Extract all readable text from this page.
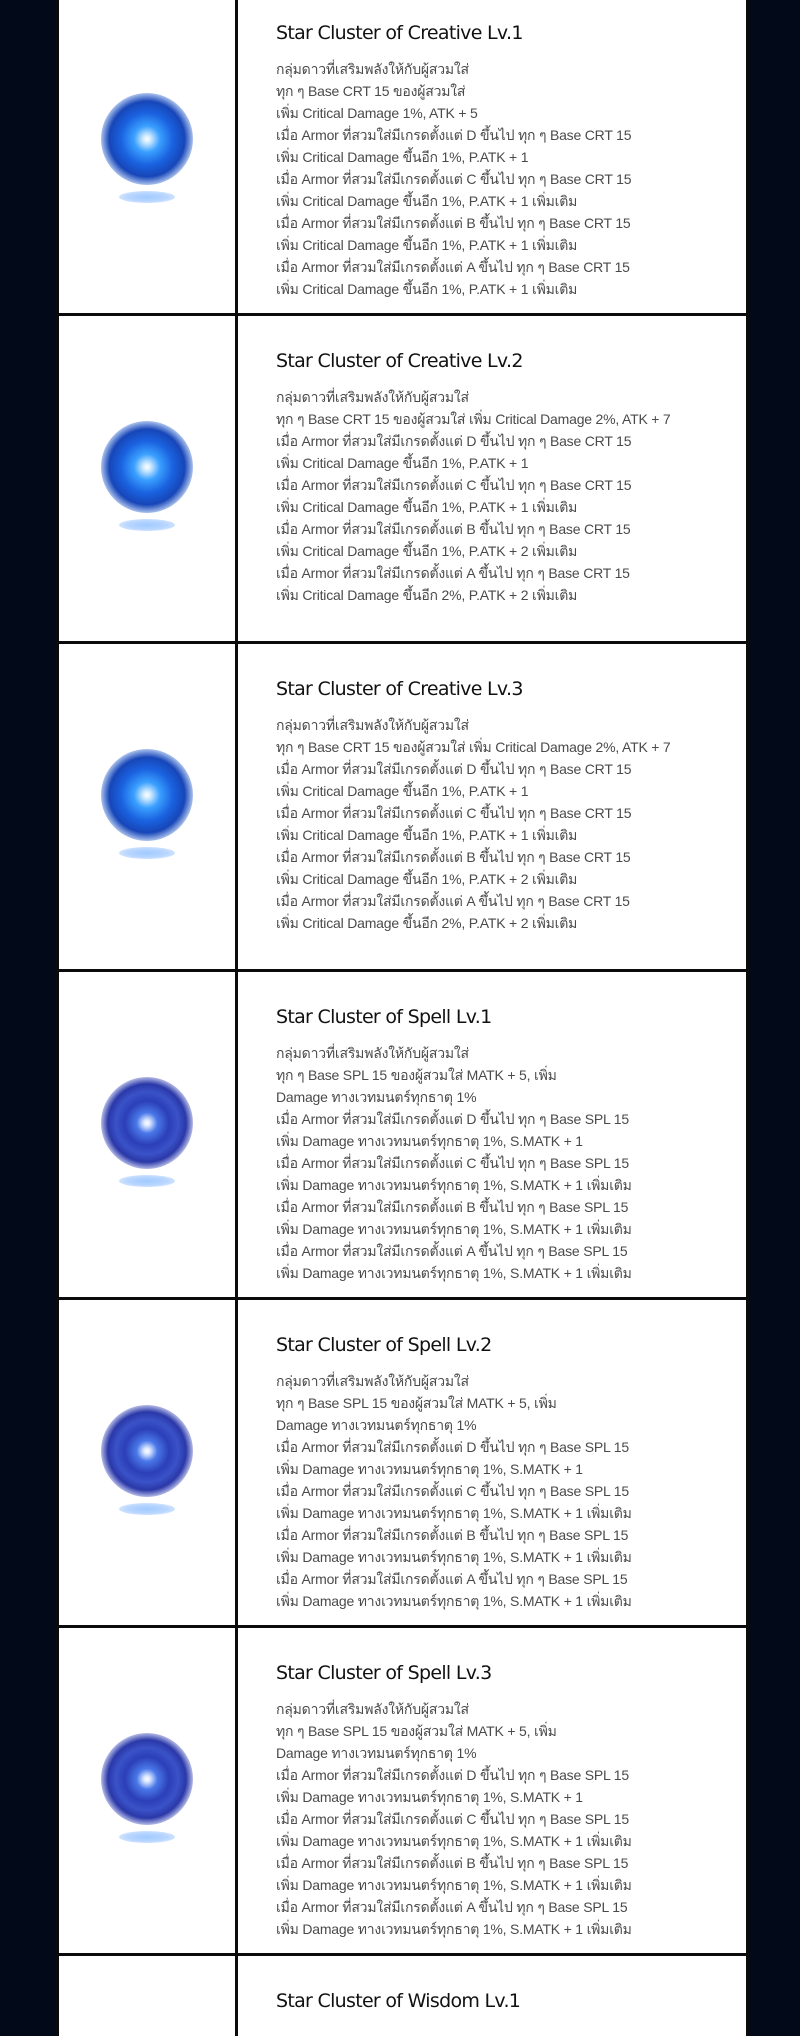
Star Cluster of Creative Lv.1
กลุ่มดาวที่เสริมพลังให้กับผู้สวมใส่
ทุก ๆ Base CRT 15 ของผู้สวมใส่
เพิ่ม Critical Damage 1%, ATK + 5
เมื่อ Armor ที่สวมใส่มีเกรดตั้งแต่ D ขึ้นไป ทุก ๆ Base CRT 15
เพิ่ม Critical Damage ขึ้นอีก 1%, P.ATK + 1
เมื่อ Armor ที่สวมใส่มีเกรดตั้งแต่ C ขึ้นไป ทุก ๆ Base CRT 15
เพิ่ม Critical Damage ขึ้นอีก 1%, P.ATK + 1 เพิ่มเติม
เมื่อ Armor ที่สวมใส่มีเกรดตั้งแต่ B ขึ้นไป ทุก ๆ Base CRT 15
เพิ่ม Critical Damage ขึ้นอีก 1%, P.ATK + 1 เพิ่มเติม
เมื่อ Armor ที่สวมใส่มีเกรดตั้งแต่ A ขึ้นไป ทุก ๆ Base CRT 15
เพิ่ม Critical Damage ขึ้นอีก 1%, P.ATK + 1 เพิ่มเติม
Star Cluster of Creative Lv.2
กลุ่มดาวที่เสริมพลังให้กับผู้สวมใส่
ทุก ๆ Base CRT 15 ของผู้สวมใส่ เพิ่ม Critical Damage 2%, ATK + 7
เมื่อ Armor ที่สวมใส่มีเกรดตั้งแต่ D ขึ้นไป ทุก ๆ Base CRT 15
เพิ่ม Critical Damage ขึ้นอีก 1%, P.ATK + 1
เมื่อ Armor ที่สวมใส่มีเกรดตั้งแต่ C ขึ้นไป ทุก ๆ Base CRT 15
เพิ่ม Critical Damage ขึ้นอีก 1%, P.ATK + 1 เพิ่มเติม
เมื่อ Armor ที่สวมใส่มีเกรดตั้งแต่ B ขึ้นไป ทุก ๆ Base CRT 15
เพิ่ม Critical Damage ขึ้นอีก 1%, P.ATK + 2 เพิ่มเติม
เมื่อ Armor ที่สวมใส่มีเกรดตั้งแต่ A ขึ้นไป ทุก ๆ Base CRT 15
เพิ่ม Critical Damage ขึ้นอีก 2%, P.ATK + 2 เพิ่มเติม
Star Cluster of Creative Lv.3
กลุ่มดาวที่เสริมพลังให้กับผู้สวมใส่
ทุก ๆ Base CRT 15 ของผู้สวมใส่ เพิ่ม Critical Damage 2%, ATK + 7
เมื่อ Armor ที่สวมใส่มีเกรดตั้งแต่ D ขึ้นไป ทุก ๆ Base CRT 15
เพิ่ม Critical Damage ขึ้นอีก 1%, P.ATK + 1
เมื่อ Armor ที่สวมใส่มีเกรดตั้งแต่ C ขึ้นไป ทุก ๆ Base CRT 15
เพิ่ม Critical Damage ขึ้นอีก 1%, P.ATK + 1 เพิ่มเติม
เมื่อ Armor ที่สวมใส่มีเกรดตั้งแต่ B ขึ้นไป ทุก ๆ Base CRT 15
เพิ่ม Critical Damage ขึ้นอีก 1%, P.ATK + 2 เพิ่มเติม
เมื่อ Armor ที่สวมใส่มีเกรดตั้งแต่ A ขึ้นไป ทุก ๆ Base CRT 15
เพิ่ม Critical Damage ขึ้นอีก 2%, P.ATK + 2 เพิ่มเติม
Star Cluster of Spell Lv.1
กลุ่มดาวที่เสริมพลังให้กับผู้สวมใส่
ทุก ๆ Base SPL 15 ของผู้สวมใส่ MATK + 5, เพิ่ม
Damage ทางเวทมนตร์ทุกธาตุ 1%
เมื่อ Armor ที่สวมใส่มีเกรดตั้งแต่ D ขึ้นไป ทุก ๆ Base SPL 15
เพิ่ม Damage ทางเวทมนตร์ทุกธาตุ 1%, S.MATK + 1
เมื่อ Armor ที่สวมใส่มีเกรดตั้งแต่ C ขึ้นไป ทุก ๆ Base SPL 15
เพิ่ม Damage ทางเวทมนตร์ทุกธาตุ 1%, S.MATK + 1 เพิ่มเติม
เมื่อ Armor ที่สวมใส่มีเกรดตั้งแต่ B ขึ้นไป ทุก ๆ Base SPL 15
เพิ่ม Damage ทางเวทมนตร์ทุกธาตุ 1%, S.MATK + 1 เพิ่มเติม
เมื่อ Armor ที่สวมใส่มีเกรดตั้งแต่ A ขึ้นไป ทุก ๆ Base SPL 15
เพิ่ม Damage ทางเวทมนตร์ทุกธาตุ 1%, S.MATK + 1 เพิ่มเติม
Star Cluster of Spell Lv.2
กลุ่มดาวที่เสริมพลังให้กับผู้สวมใส่
ทุก ๆ Base SPL 15 ของผู้สวมใส่ MATK + 5, เพิ่ม
Damage ทางเวทมนตร์ทุกธาตุ 1%
เมื่อ Armor ที่สวมใส่มีเกรดตั้งแต่ D ขึ้นไป ทุก ๆ Base SPL 15
เพิ่ม Damage ทางเวทมนตร์ทุกธาตุ 1%, S.MATK + 1
เมื่อ Armor ที่สวมใส่มีเกรดตั้งแต่ C ขึ้นไป ทุก ๆ Base SPL 15
เพิ่ม Damage ทางเวทมนตร์ทุกธาตุ 1%, S.MATK + 1 เพิ่มเติม
เมื่อ Armor ที่สวมใส่มีเกรดตั้งแต่ B ขึ้นไป ทุก ๆ Base SPL 15
เพิ่ม Damage ทางเวทมนตร์ทุกธาตุ 1%, S.MATK + 1 เพิ่มเติม
เมื่อ Armor ที่สวมใส่มีเกรดตั้งแต่ A ขึ้นไป ทุก ๆ Base SPL 15
เพิ่ม Damage ทางเวทมนตร์ทุกธาตุ 1%, S.MATK + 1 เพิ่มเติม
Star Cluster of Spell Lv.3
กลุ่มดาวที่เสริมพลังให้กับผู้สวมใส่
ทุก ๆ Base SPL 15 ของผู้สวมใส่ MATK + 5, เพิ่ม
Damage ทางเวทมนตร์ทุกธาตุ 1%
เมื่อ Armor ที่สวมใส่มีเกรดตั้งแต่ D ขึ้นไป ทุก ๆ Base SPL 15
เพิ่ม Damage ทางเวทมนตร์ทุกธาตุ 1%, S.MATK + 1
เมื่อ Armor ที่สวมใส่มีเกรดตั้งแต่ C ขึ้นไป ทุก ๆ Base SPL 15
เพิ่ม Damage ทางเวทมนตร์ทุกธาตุ 1%, S.MATK + 1 เพิ่มเติม
เมื่อ Armor ที่สวมใส่มีเกรดตั้งแต่ B ขึ้นไป ทุก ๆ Base SPL 15
เพิ่ม Damage ทางเวทมนตร์ทุกธาตุ 1%, S.MATK + 1 เพิ่มเติม
เมื่อ Armor ที่สวมใส่มีเกรดตั้งแต่ A ขึ้นไป ทุก ๆ Base SPL 15
เพิ่ม Damage ทางเวทมนตร์ทุกธาตุ 1%, S.MATK + 1 เพิ่มเติม
Star Cluster of Wisdom Lv.1
